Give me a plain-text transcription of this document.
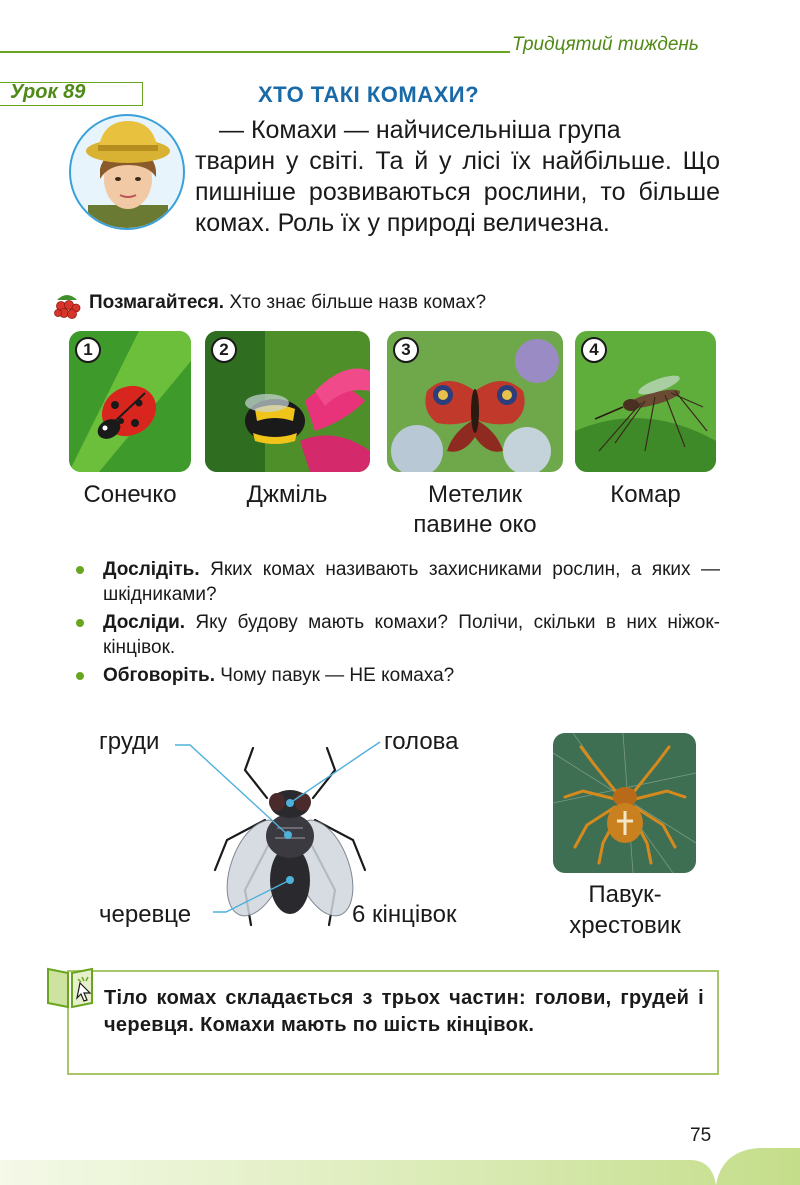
Тридцятий тиждень
Урок 89	ХТО ТАКІ КОМАХИ?
— Комахи — найчисельніша група
тварин у світі. Та й у лісі їх найбільше. Що пишніше розвиваються рослини, то більше комах. Роль їх у природі величезна.
Позмагайтеся. Хто знає більше назв комах?
1	2	3	4
Сонечко	Джміль	Метелик
павине око
Комар
Дослідіть. Яких комах називають захисниками рослин, а яких — шкідниками?
Досліди. Яку будову мають комахи? Полічи, скільки в них ніжок-кінцівок.
Обговоріть. Чому павук — НЕ комаха?
груди	голова
черевце	6 кінцівок
Павук-
хрестовик
Тіло комах складається з трьох частин: голови, грудей і черевця. Комахи мають по шість кінцівок.
75
